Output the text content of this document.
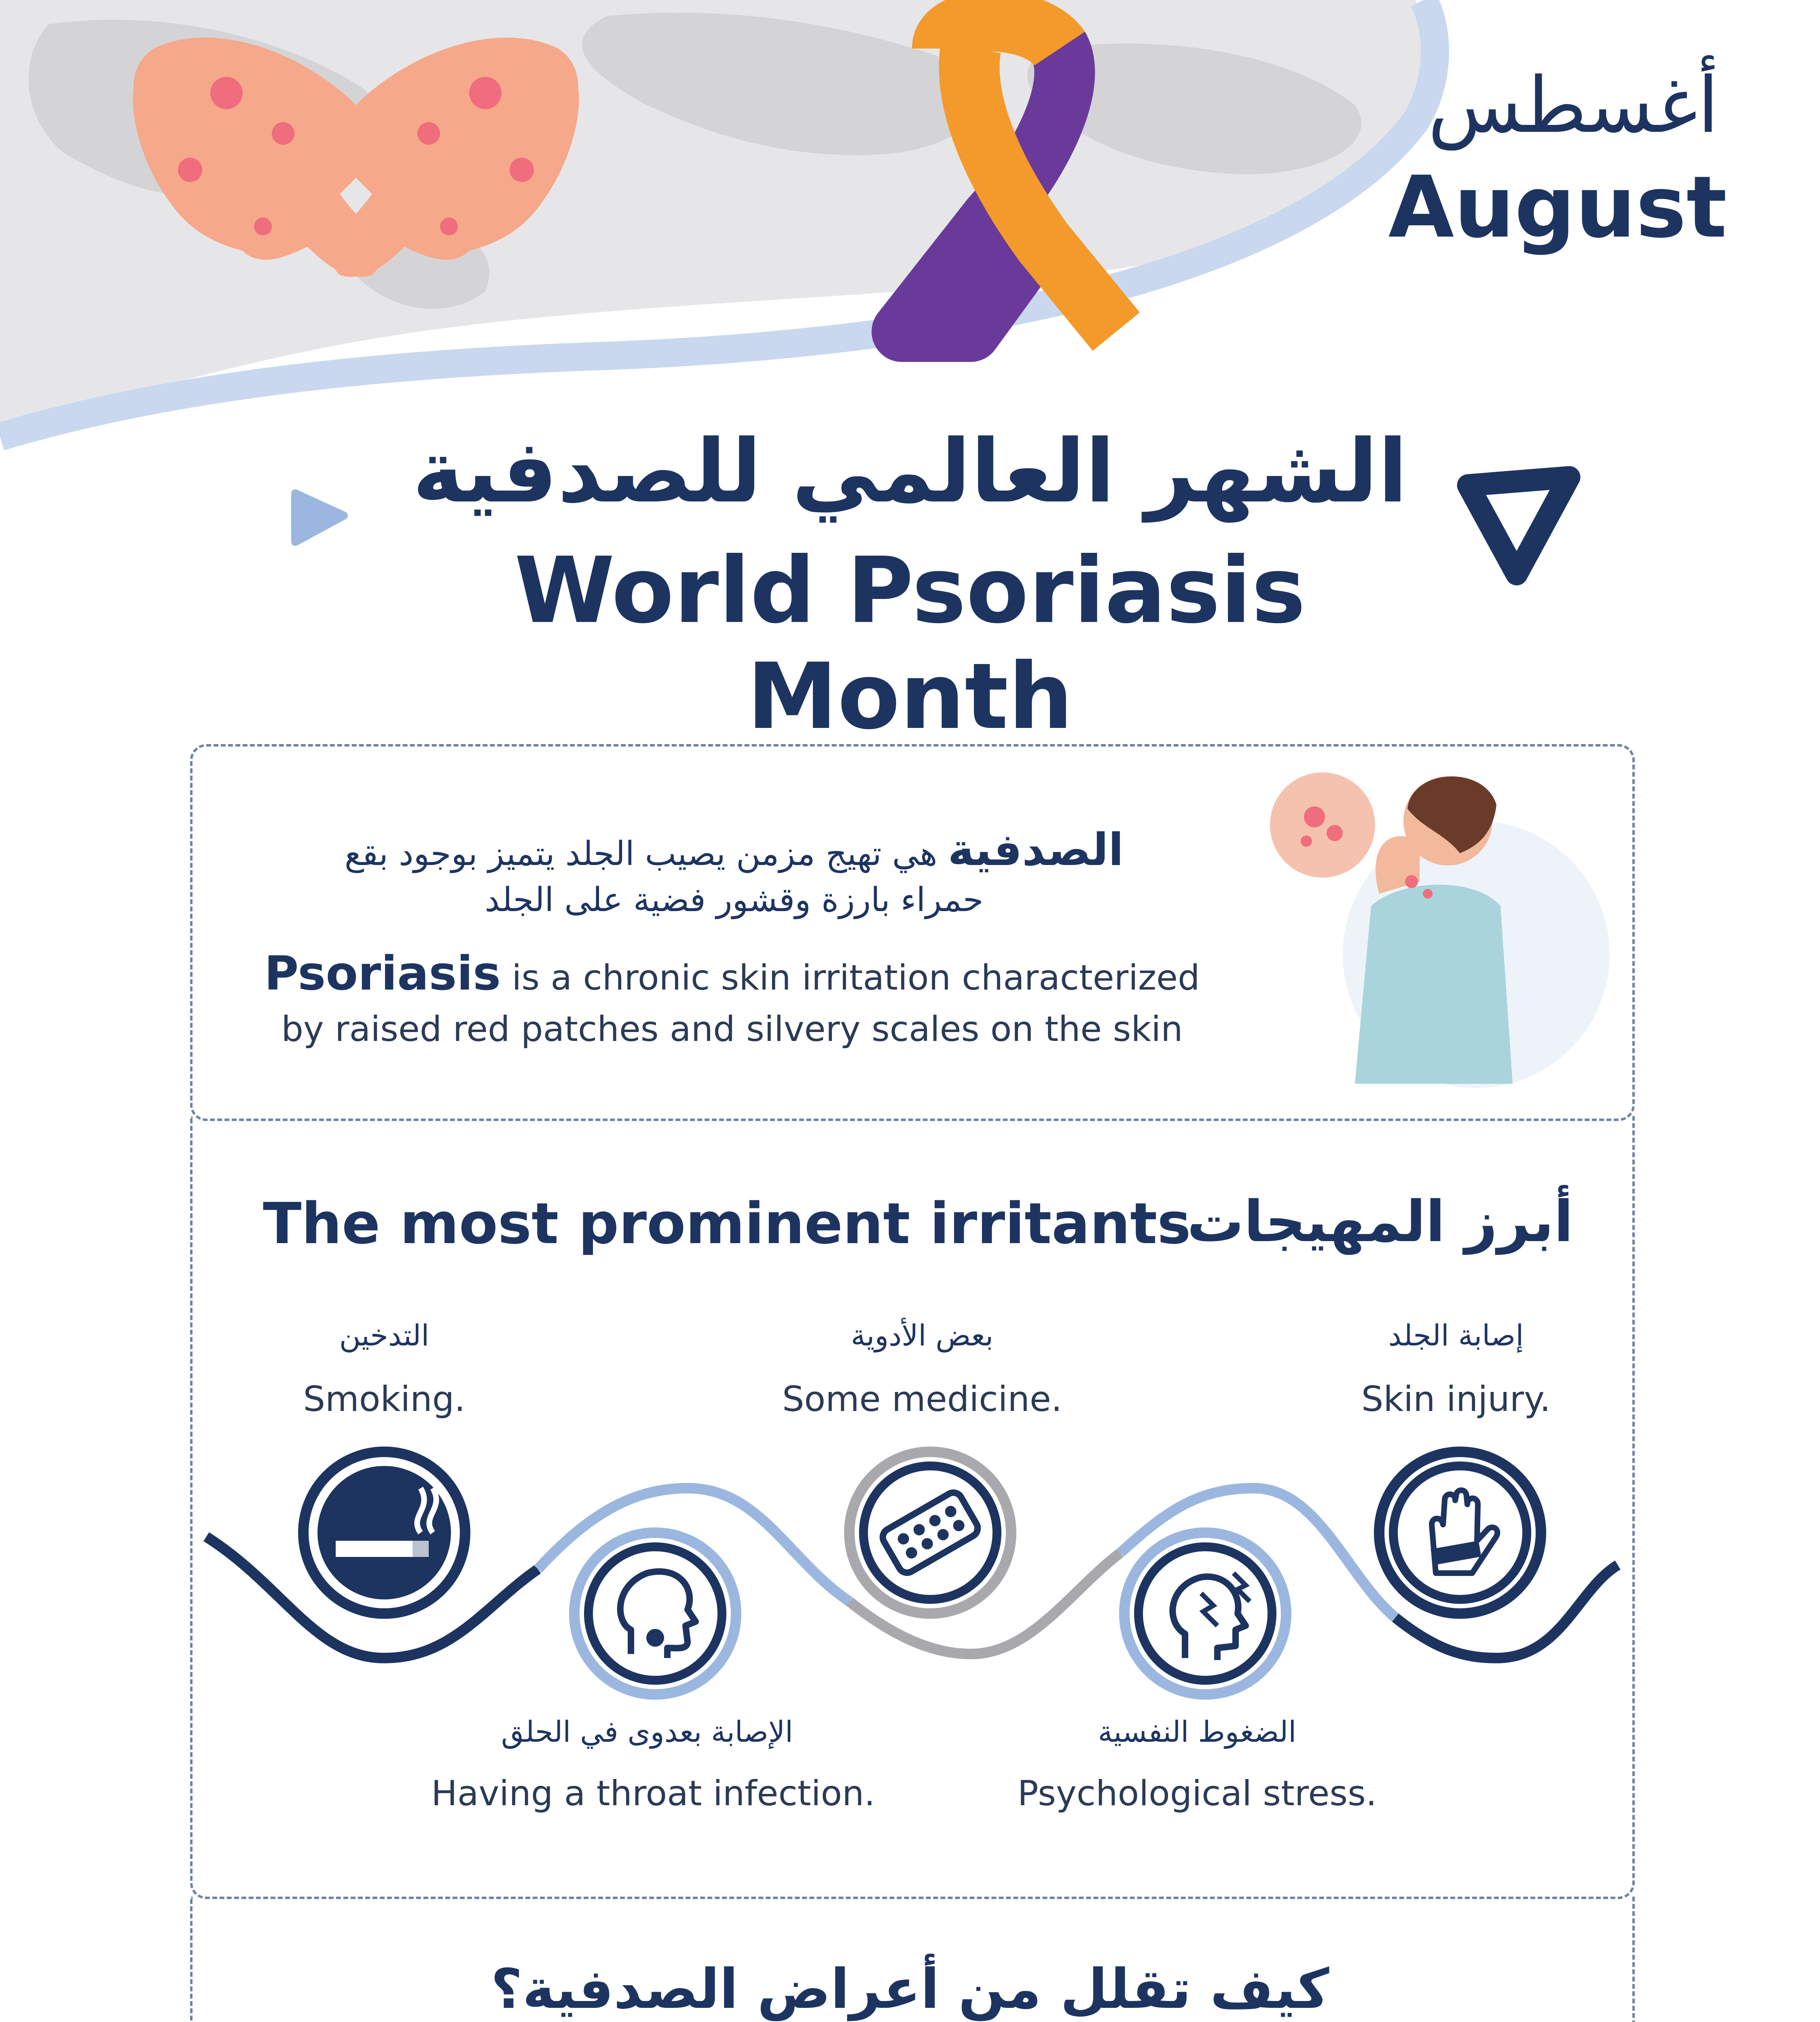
أغسطس
August
الشهر العالمي للصدفية
World Psoriasis Month
الصدفية هي تهيج مزمن يصيب الجلد يتميز بوجود بقع
حمراء بارزة وقشور فضية على الجلد
Psoriasis is a chronic skin irritation characterized
by raised red patches and silvery scales on the skin
The most prominent irritants
أبرز المهيجات
التدخين
Smoking.
بعض الأدوية
Some medicine.
إصابة الجلد
Skin injury.
الإصابة بعدوى في الحلق
Having a throat infection.
الضغوط النفسية
Psychological stress.
كيف تقلل من أعراض الصدفية؟
